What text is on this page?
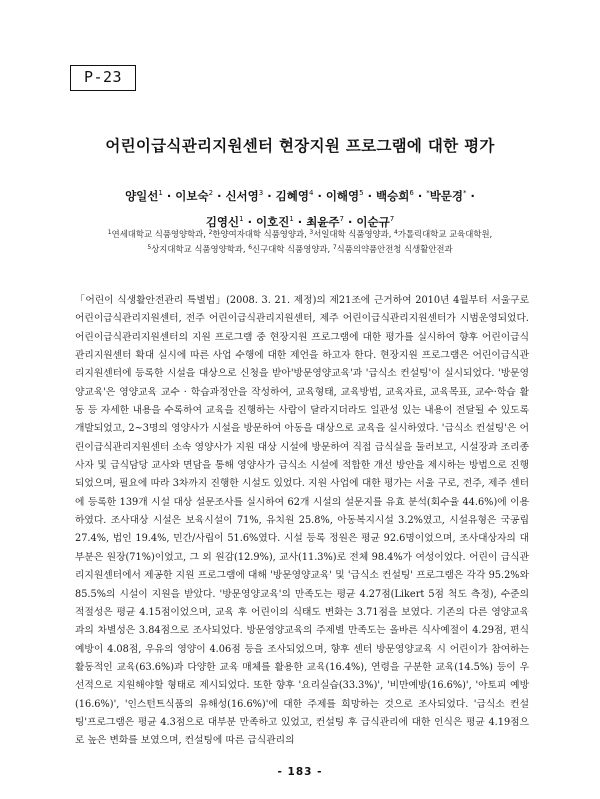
P-23
어린이급식관리지원센터 현장지원 프로그램에 대한 평가
양일선$^1$ · 이보숙$^2$ · 신서영$^3$ · 김혜영$^4$ · 이해영$^5$ · 백승희$^6$ · *박문경* ·
김영신$^1$ · 이호진$^1$ · 최윤주$^7$ · 이순규$^7$
$^1$연세대학교 식품영양학과, $^2$한양여자대학 식품영양과, $^3$서일대학 식품영양과, $^4$가톨릭대학교 교육대학원,
$^5$상지대학교 식품영양학과, $^6$신구대학 식품영양과, $^7$식품의약품안전청 식생활안전과

「어린이 식생활안전관리 특별법」(2008. 3. 21. 제정)의 제21조에 근거하여 2010년 4월부터 서울구로 어린이급식관리지원센터, 전주 어린이급식관리지원센터, 제주 어린이급식관리지원센터가 시범운영되었다. 어린이급식관리지원센터의 지원 프로그램 중 현장지원 프로그램에 대한 평가를 실시하여 향후 어린이급식관리지원센터 확대 실시에 따른 사업 수행에 대한 제언을 하고자 한다. 현장지원 프로그램은 어린이급식관리지원센터에 등록한 시설을 대상으로 신청을 받아'방문영양교육'과 '급식소 컨설팅'이 실시되었다. '방문영양교육'은 영양교육 교수 · 학습과정안을 작성하여, 교육형태, 교육방법, 교육자료, 교육목표, 교수·학습 활동 등 자세한 내용을 수록하여 교육을 진행하는 사람이 달라지더라도 일관성 있는 내용이 전달될 수 있도록 개발되었고, 2~3명의 영양사가 시설을 방문하여 아동을 대상으로 교육을 실시하였다. '급식소 컨설팅'은 어린이급식관리지원센터 소속 영양사가 지원 대상 시설에 방문하여 직접 급식실을 둘러보고, 시설장과 조리종사자 및 급식담당 교사와 면담을 통해 영양사가 급식소 시설에 적합한 개선 방안을 제시하는 방법으로 진행되었으며, 필요에 따라 3차까지 진행한 시설도 있었다. 지원 사업에 대한 평가는 서울 구로, 전주, 제주 센터에 등록한 139개 시설 대상 설문조사를 실시하여 62개 시설의 설문지를 유효 분석(회수율 44.6%)에 이용하였다. 조사대상 시설은 보육시설이 71%, 유치원 25.8%, 아동복지시설 3.2%였고, 시설유형은 국공립 27.4%, 법인 19.4%, 민간/사립이 51.6%였다. 시설 등록 정원은 평균 92.6명이었으며, 조사대상자의 대부분은 원장(71%)이었고, 그 외 원감(12.9%), 교사(11.3%)로 전체 98.4%가 여성이었다. 어린이 급식관리지원센터에서 제공한 지원 프로그램에 대해 '방문영양교육' 및 '급식소 컨설팅' 프로그램은 각각 95.2%와 85.5%의 시설이 지원을 받았다. '방문영양교육'의 만족도는 평균 4.27점(Likert 5점 척도 측정), 수준의 적절성은 평균 4.15점이었으며, 교육 후 어린이의 식태도 변화는 3.71점을 보였다. 기존의 다른 영양교육과의 차별성은 3.84점으로 조사되었다. 방문영양교육의 주제별 만족도는 올바른 식사예절이 4.29점, 편식예방이 4.08점, 우유의 영양이 4.06점 등을 조사되었으며, 향후 센터 방문영양교육 시 어린이가 참여하는 활동적인 교육(63.6%)과 다양한 교육 매체를 활용한 교육(16.4%), 연령을 구분한 교육(14.5%) 등이 우선적으로 지원해야할 형태로 제시되었다. 또한 향후 '요리실습(33.3%)', '비만예방(16.6%)', '아토피 예방(16.6%)', '인스턴트식품의 유해성(16.6%)'에 대한 주제를 희망하는 것으로 조사되었다. '급식소 컨설팅'프로그램은 평균 4.3점으로 대부분 만족하고 있었고, 컨설팅 후 급식관리에 대한 인식은 평균 4.19점으로 높은 변화를 보였으며, 컨설팅에 따른 급식관리의

- 183 -
